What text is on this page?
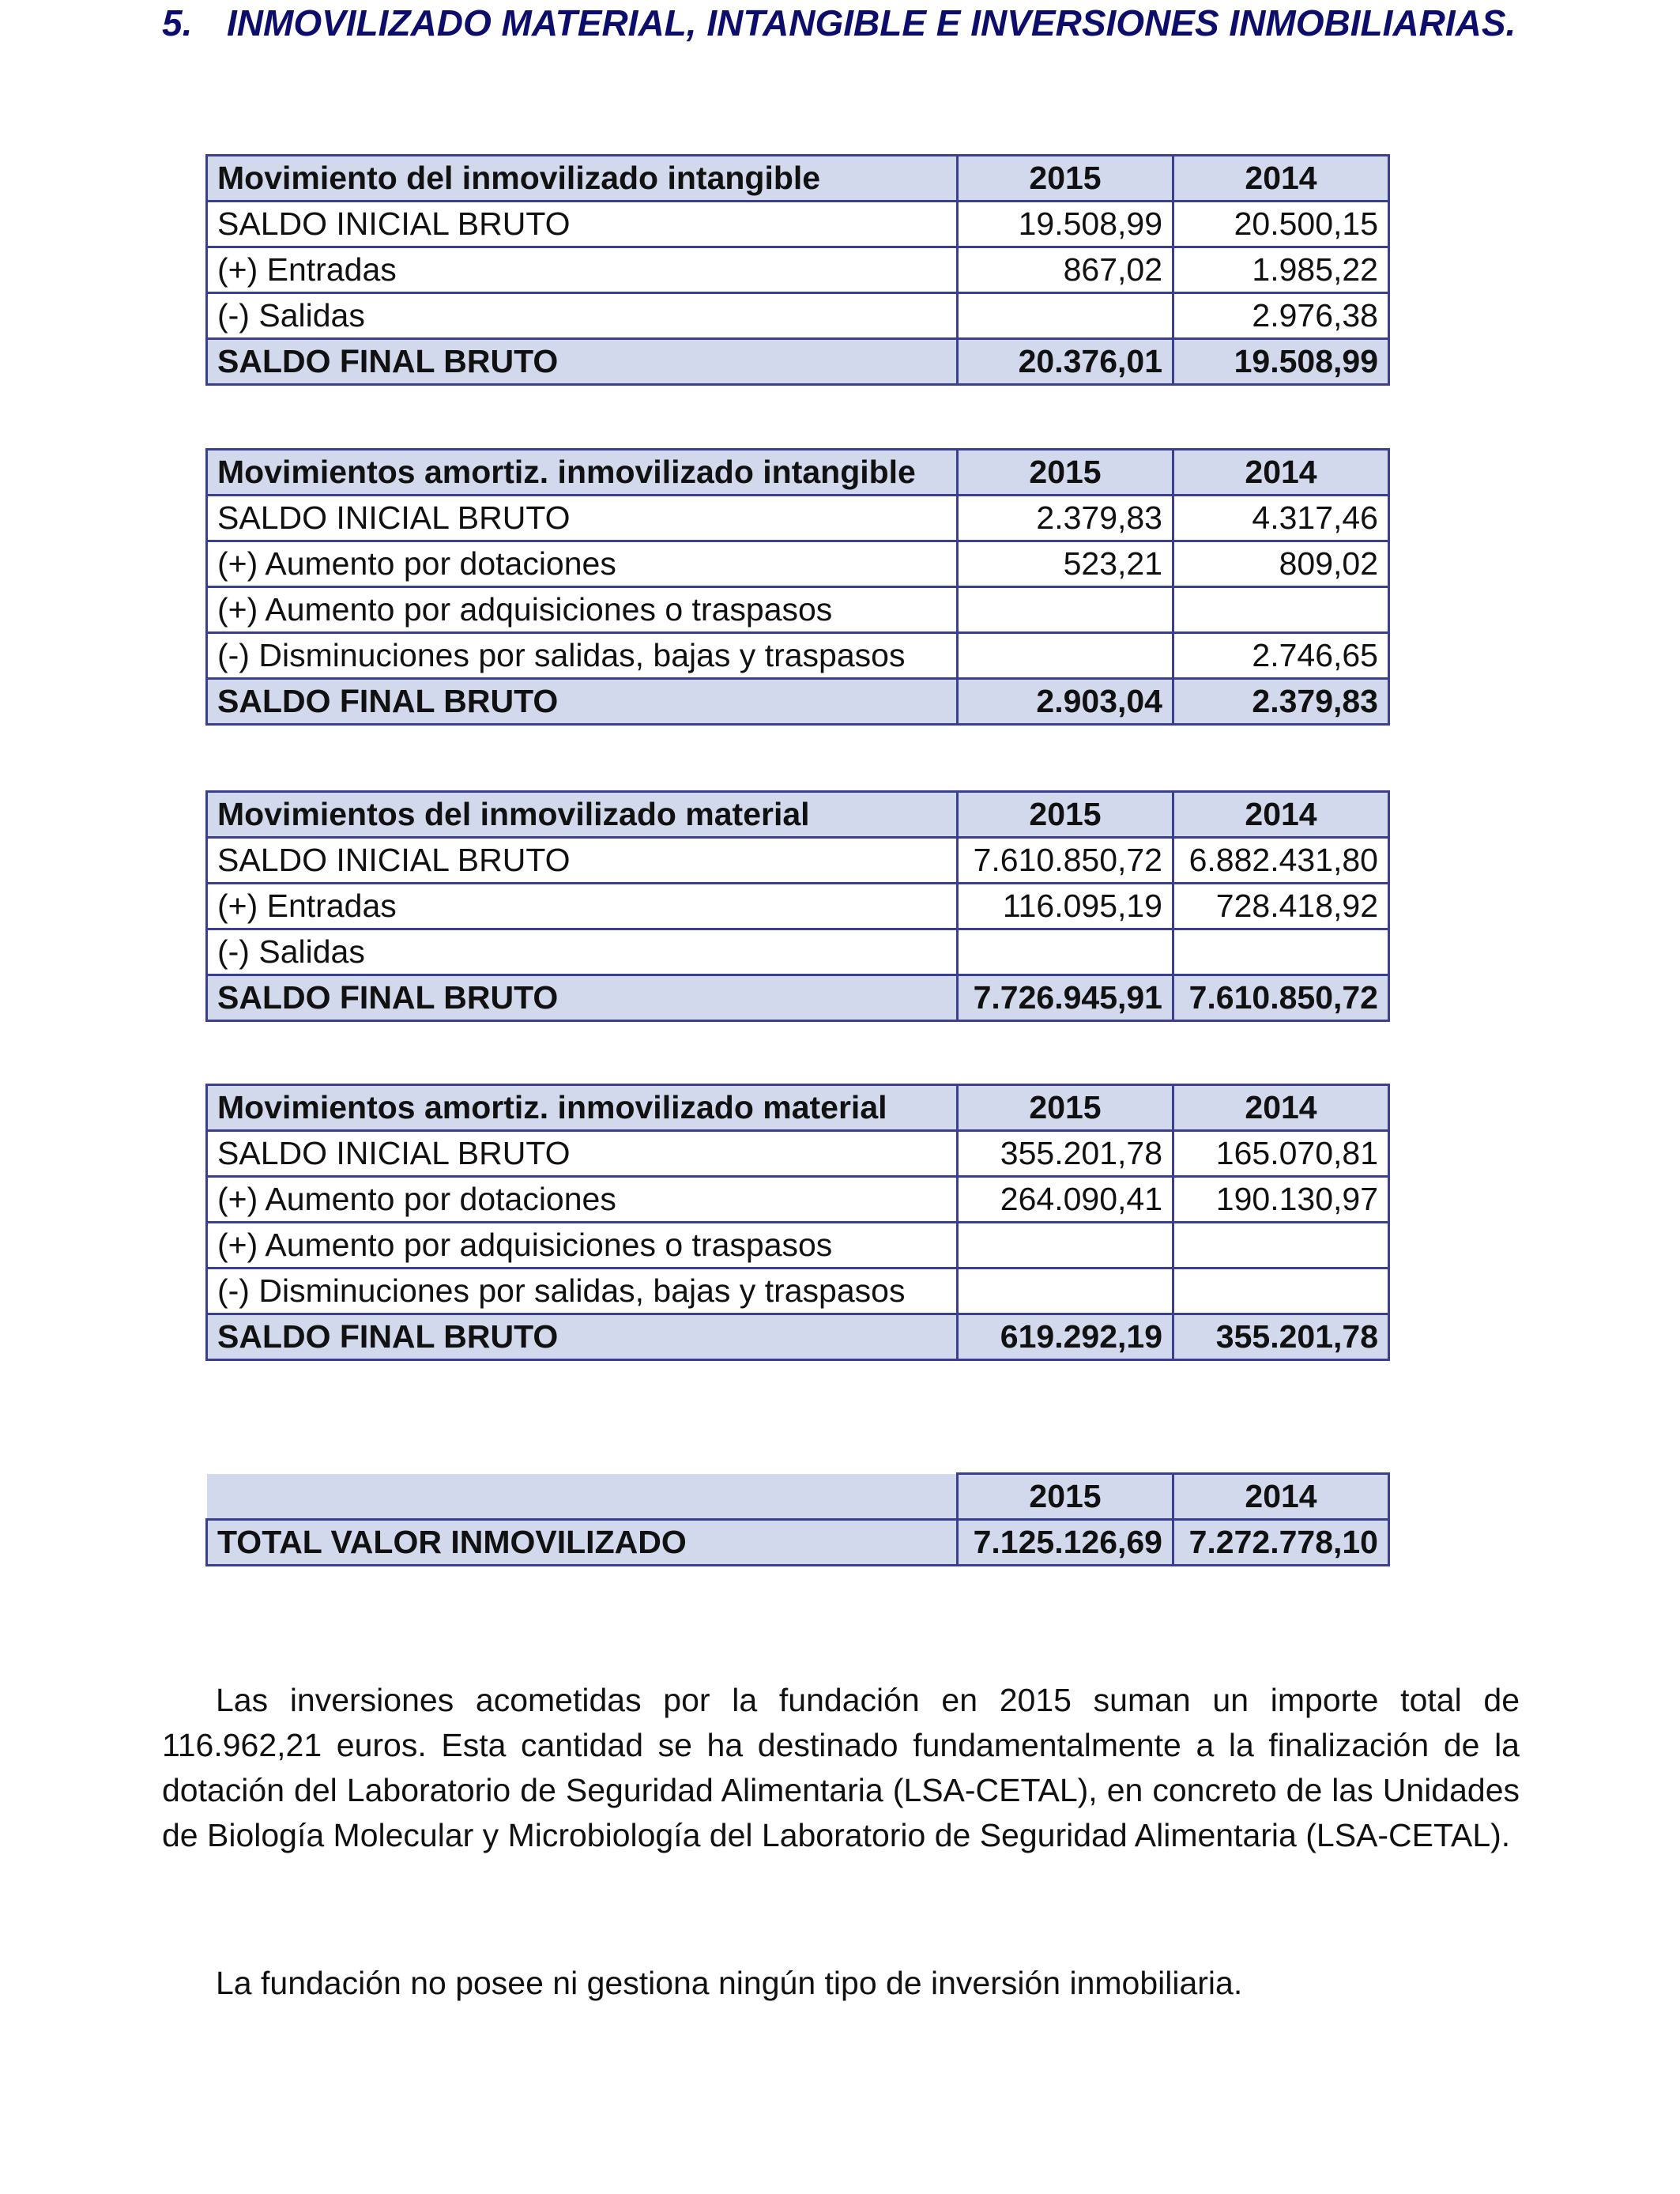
5. INMOVILIZADO MATERIAL, INTANGIBLE E INVERSIONES INMOBILIARIAS.
Movimiento del inmovilizado intangible	2015	2014
SALDO INICIAL BRUTO	19.508,99	20.500,15
(+) Entradas	867,02	1.985,22
(-) Salidas		2.976,38
SALDO FINAL BRUTO	20.376,01	19.508,99
Movimientos amortiz. inmovilizado intangible	2015	2014
SALDO INICIAL BRUTO	2.379,83	4.317,46
(+) Aumento por dotaciones	523,21	809,02
(+) Aumento por adquisiciones o traspasos		
(-) Disminuciones por salidas, bajas y traspasos		2.746,65
SALDO FINAL BRUTO	2.903,04	2.379,83
Movimientos del inmovilizado material	2015	2014
SALDO INICIAL BRUTO	7.610.850,72	6.882.431,80
(+) Entradas	116.095,19	728.418,92
(-) Salidas		
SALDO FINAL BRUTO	7.726.945,91	7.610.850,72
Movimientos amortiz. inmovilizado material	2015	2014
SALDO INICIAL BRUTO	355.201,78	165.070,81
(+) Aumento por dotaciones	264.090,41	190.130,97
(+) Aumento por adquisiciones o traspasos		
(-) Disminuciones por salidas, bajas y traspasos		
SALDO FINAL BRUTO	619.292,19	355.201,78
	2015	2014
TOTAL VALOR INMOVILIZADO	7.125.126,69	7.272.778,10

Las inversiones acometidas por la fundación en 2015 suman un importe total de 116.962,21 euros. Esta cantidad se ha destinado fundamentalmente a la finalización de la dotación del Laboratorio de Seguridad Alimentaria (LSA-CETAL), en concreto de las Unidades de Biología Molecular y Microbiología del Laboratorio de Seguridad Alimentaria (LSA-CETAL).

La fundación no posee ni gestiona ningún tipo de inversión inmobiliaria.
